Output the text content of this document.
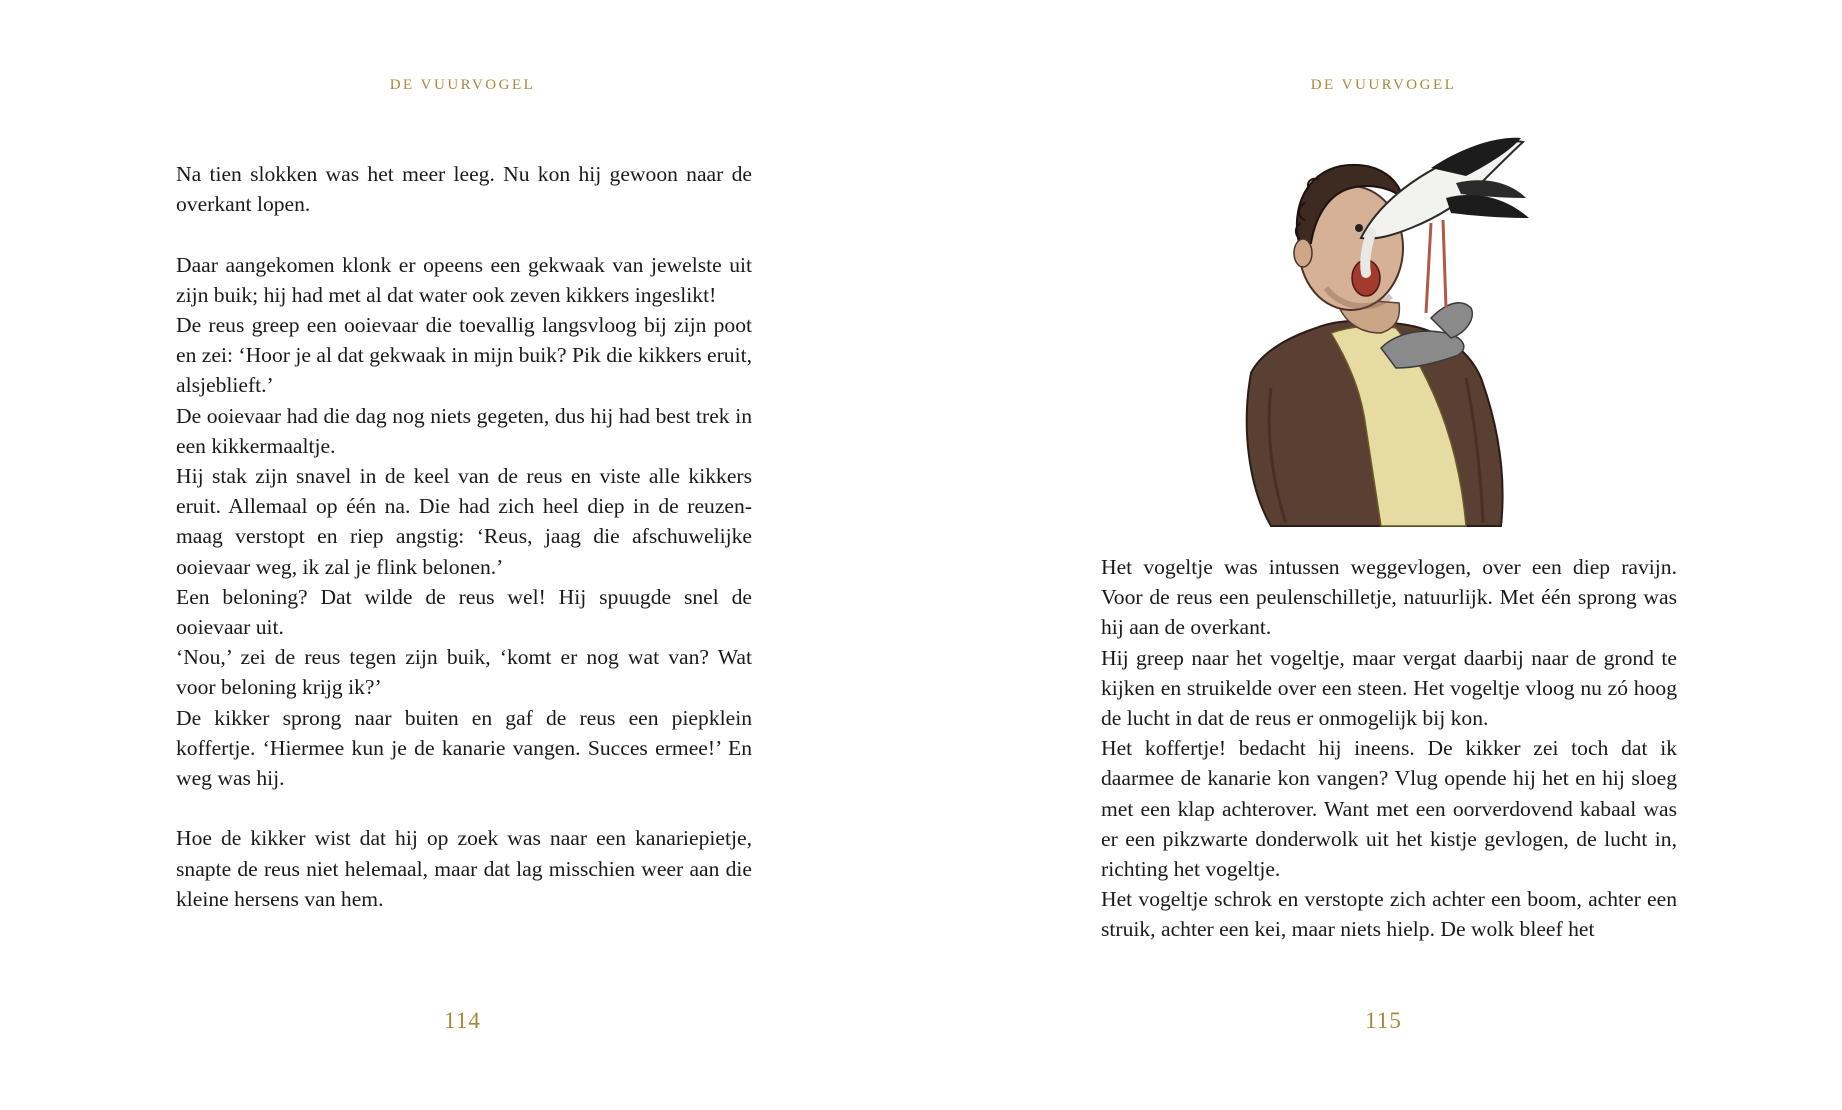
DE VUURVOGEL

Na tien slokken was het meer leeg. Nu kon hij gewoon naar de overkant lopen.

Daar aangekomen klonk er opeens een gekwaak van jewelste uit zijn buik; hij had met al dat water ook zeven kikkers ingeslikt!

De reus greep een ooievaar die toevallig langsvloog bij zijn poot en zei: ‘Hoor je al dat gekwaak in mijn buik? Pik die kikkers eruit, alsjeblieft.’

De ooievaar had die dag nog niets gegeten, dus hij had best trek in een kikkermaaltje.

Hij stak zijn snavel in de keel van de reus en viste alle kikkers eruit. Allemaal op één na. Die had zich heel diep in de reuzenmaag verstopt en riep angstig: ‘Reus, jaag die afschuwelijke ooievaar weg, ik zal je flink belonen.’

Een beloning? Dat wilde de reus wel! Hij spuugde snel de ooievaar uit.

‘Nou,’ zei de reus tegen zijn buik, ‘komt er nog wat van? Wat voor beloning krijg ik?’

De kikker sprong naar buiten en gaf de reus een piepklein koffertje. ‘Hiermee kun je de kanarie vangen. Succes ermee!’ En weg was hij.

Hoe de kikker wist dat hij op zoek was naar een kanariepietje, snapte de reus niet helemaal, maar dat lag misschien weer aan die kleine hersens van hem.

114
DE VUURVOGEL

Het vogeltje was intussen weggevlogen, over een diep ravijn. Voor de reus een peulenschilletje, natuurlijk. Met één sprong was hij aan de overkant.

Hij greep naar het vogeltje, maar vergat daarbij naar de grond te kijken en struikelde over een steen. Het vogeltje vloog nu zó hoog de lucht in dat de reus er onmogelijk bij kon.

Het koffertje! bedacht hij ineens. De kikker zei toch dat ik daarmee de kanarie kon vangen? Vlug opende hij het en hij sloeg met een klap achterover. Want met een oorverdovend kabaal was er een pikzwarte donderwolk uit het kistje gevlogen, de lucht in, richting het vogeltje.

Het vogeltje schrok en verstopte zich achter een boom, achter een struik, achter een kei, maar niets hielp. De wolk bleef het

115
